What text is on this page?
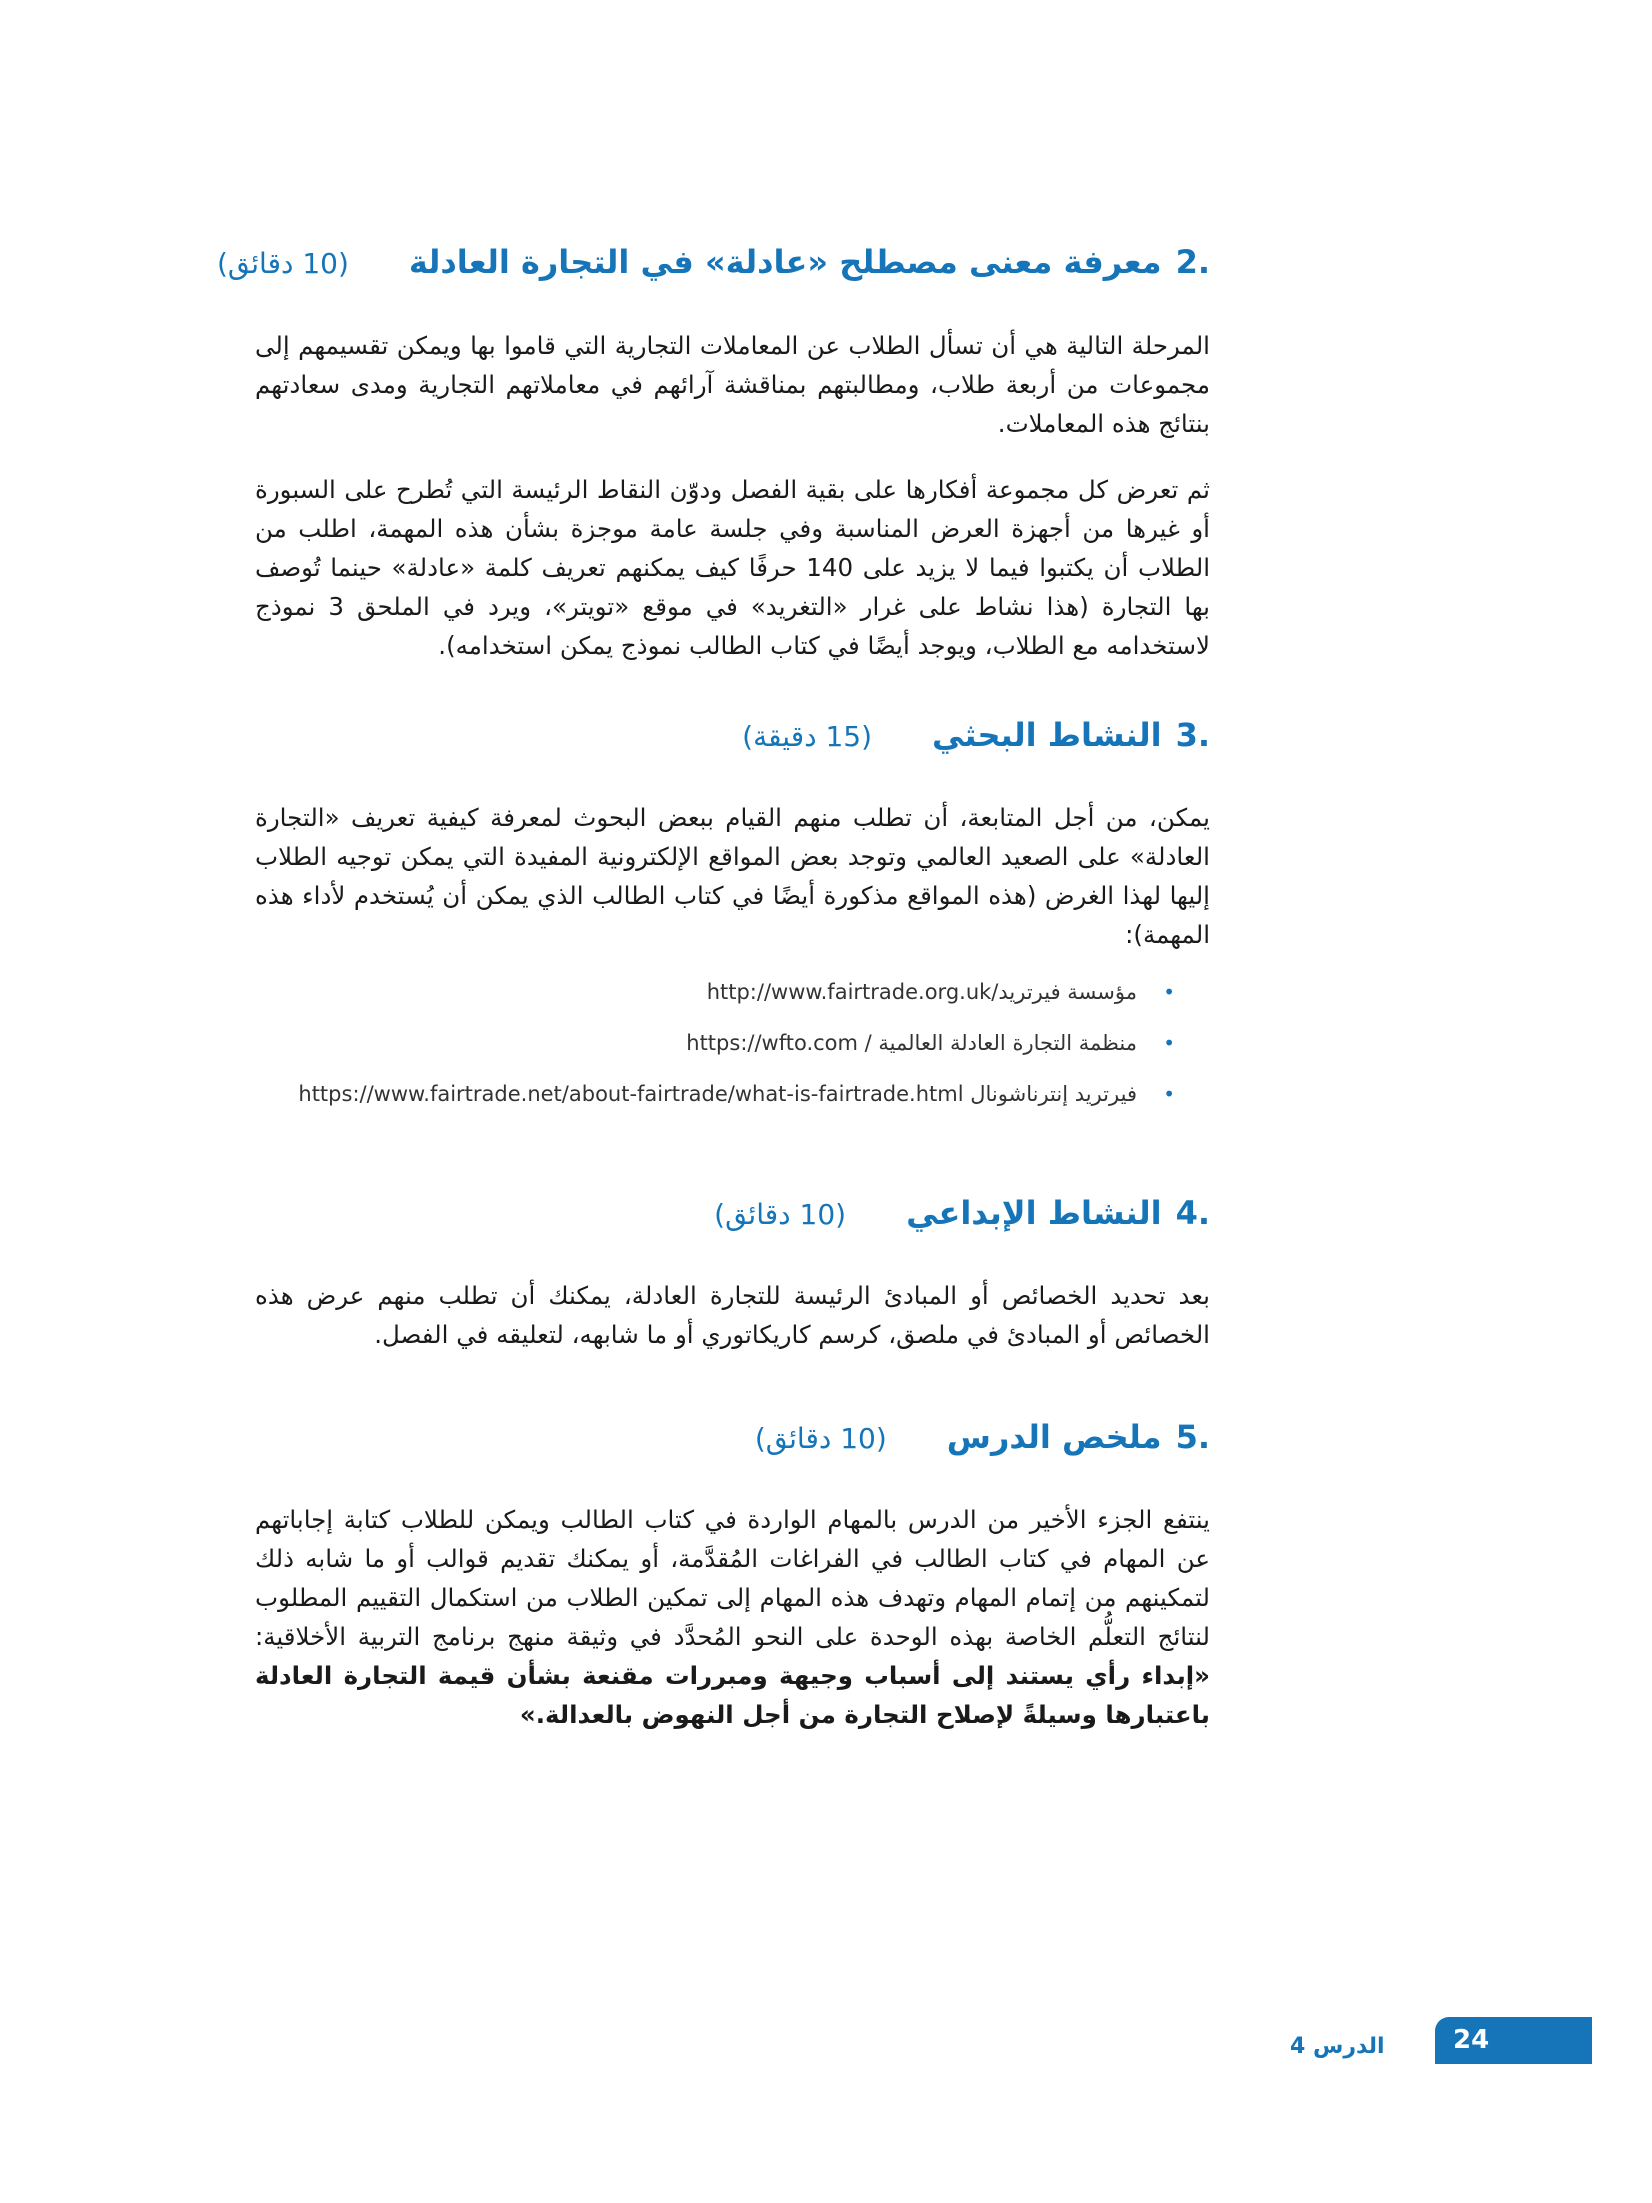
.2
معرفة معنى مصطلح «عادلة» في التجارة العادلة
(10 دقائق)

المرحلة التالية هي أن تسأل الطلاب عن المعاملات التجارية التي قاموا بها ويمكن تقسيمهم إلى مجموعات من أربعة طلاب، ومطالبتهم بمناقشة آرائهم في معاملاتهم التجارية ومدى سعادتهم بنتائج هذه المعاملات.

ثم تعرض كل مجموعة أفكارها على بقية الفصل ودوّن النقاط الرئيسة التي تُطرح على السبورة أو غيرها من أجهزة العرض المناسبة وفي جلسة عامة موجزة بشأن هذه المهمة، اطلب من الطلاب أن يكتبوا فيما لا يزيد على 140 حرفًا كيف يمكنهم تعريف كلمة «عادلة» حينما تُوصف بها التجارة (هذا نشاط على غرار «التغريد» في موقع «تويتر»، ويرد في الملحق 3 نموذج لاستخدامه مع الطلاب، ويوجد أيضًا في كتاب الطالب نموذج يمكن استخدامه).

.3
النشاط البحثي
(15 دقيقة)

يمكن، من أجل المتابعة، أن تطلب منهم القيام ببعض البحوث لمعرفة كيفية تعريف «التجارة العادلة» على الصعيد العالمي وتوجد بعض المواقع الإلكترونية المفيدة التي يمكن توجيه الطلاب إليها لهذا الغرض (هذه المواقع مذكورة أيضًا في كتاب الطالب الذي يمكن أن يُستخدم لأداء هذه المهمة):

•
مؤسسة فيرتريد/http://www.fairtrade.org.uk
•
منظمة التجارة العادلة العالمية / https://wfto.com
•
فيرتريد إنترناشونال https://www.fairtrade.net/about-fairtrade/what-is-fairtrade.html
.4
النشاط الإبداعي
(10 دقائق)

بعد تحديد الخصائص أو المبادئ الرئيسة للتجارة العادلة، يمكنك أن تطلب منهم عرض هذه الخصائص أو المبادئ في ملصق، كرسم كاريكاتوري أو ما شابهه، لتعليقه في الفصل.

.5
ملخص الدرس
(10 دقائق)

ينتفع الجزء الأخير من الدرس بالمهام الواردة في كتاب الطالب ويمكن للطلاب كتابة إجاباتهم عن المهام في كتاب الطالب في الفراغات المُقدَّمة، أو يمكنك تقديم قوالب أو ما شابه ذلك لتمكينهم من إتمام المهام وتهدف هذه المهام إلى تمكين الطلاب من استكمال التقييم المطلوب لنتائج التعلُّم الخاصة بهذه الوحدة على النحو المُحدَّد في وثيقة منهج برنامج التربية الأخلاقية: «إبداء رأي يستند إلى أسباب وجيهة ومبررات مقنعة بشأن قيمة التجارة العادلة باعتبارها وسيلةً لإصلاح التجارة من أجل النهوض بالعدالة.»

الدرس 4	24
